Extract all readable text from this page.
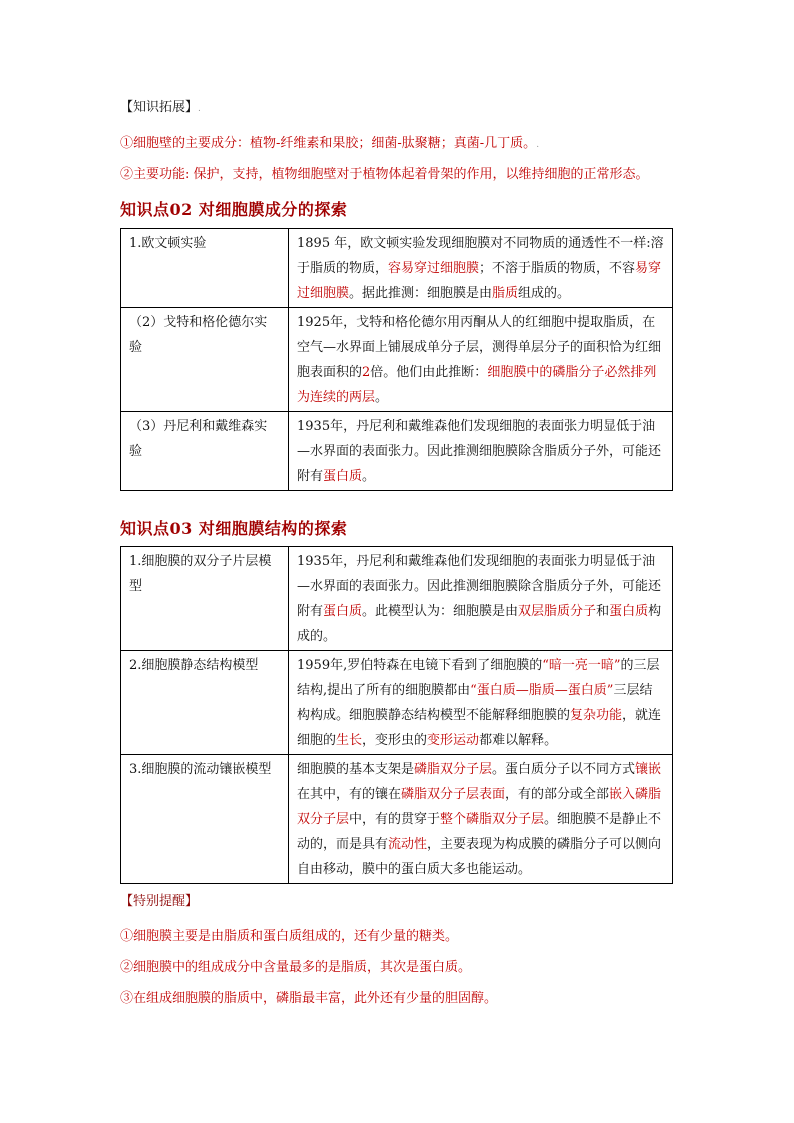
【知识拓展】.
①细胞壁的主要成分：植物-纤维素和果胶；细菌-肽聚糖；真菌-几丁质。.
②主要功能: 保护，支持，植物细胞壁对于植物体起着骨架的作用，以维持细胞的正常形态。
知识点02 对细胞膜成分的探索
1.欧文顿实验	1895 年，欧文顿实验发现细胞膜对不同物质的通透性不一样:溶于脂质的物质，容易穿过细胞膜；不溶于脂质的物质，不容易穿过细胞膜。据此推测：细胞膜是由脂质组成的。
（2）戈特和格伦德尔实验	1925年，戈特和格伦德尔用丙酮从人的红细胞中提取脂质，在空气—水界面上铺展成单分子层，测得单层分子的面积恰为红细胞表面积的2倍。他们由此推断：细胞膜中的磷脂分子必然排列为连续的两层。
（3）丹尼利和戴维森实验	1935年，丹尼利和戴维森他们发现细胞的表面张力明显低于油—水界面的表面张力。因此推测细胞膜除含脂质分子外，可能还附有蛋白质。
知识点03 对细胞膜结构的探索
1.细胞膜的双分子片层模型	1935年，丹尼利和戴维森他们发现细胞的表面张力明显低于油—水界面的表面张力。因此推测细胞膜除含脂质分子外，可能还附有蛋白质。此模型认为：细胞膜是由双层脂质分子和蛋白质构成的。
2.细胞膜静态结构模型	1959年,罗伯特森在电镜下看到了细胞膜的“暗一亮一暗”的三层结构,提出了所有的细胞膜都由“蛋白质—脂质—蛋白质”三层结构构成。细胞膜静态结构模型不能解释细胞膜的复杂功能，就连细胞的生长，变形虫的变形运动都难以解释。
3.细胞膜的流动镶嵌模型	细胞膜的基本支架是磷脂双分子层。蛋白质分子以不同方式镶嵌在其中，有的镶在磷脂双分子层表面，有的部分或全部嵌入磷脂双分子层中，有的贯穿于整个磷脂双分子层。细胞膜不是静止不动的，而是具有流动性，主要表现为构成膜的磷脂分子可以侧向自由移动，膜中的蛋白质大多也能运动。
【特别提醒】
①细胞膜主要是由脂质和蛋白质组成的，还有少量的糖类。
②细胞膜中的组成成分中含量最多的是脂质，其次是蛋白质。
③在组成细胞膜的脂质中，磷脂最丰富，此外还有少量的胆固醇。
